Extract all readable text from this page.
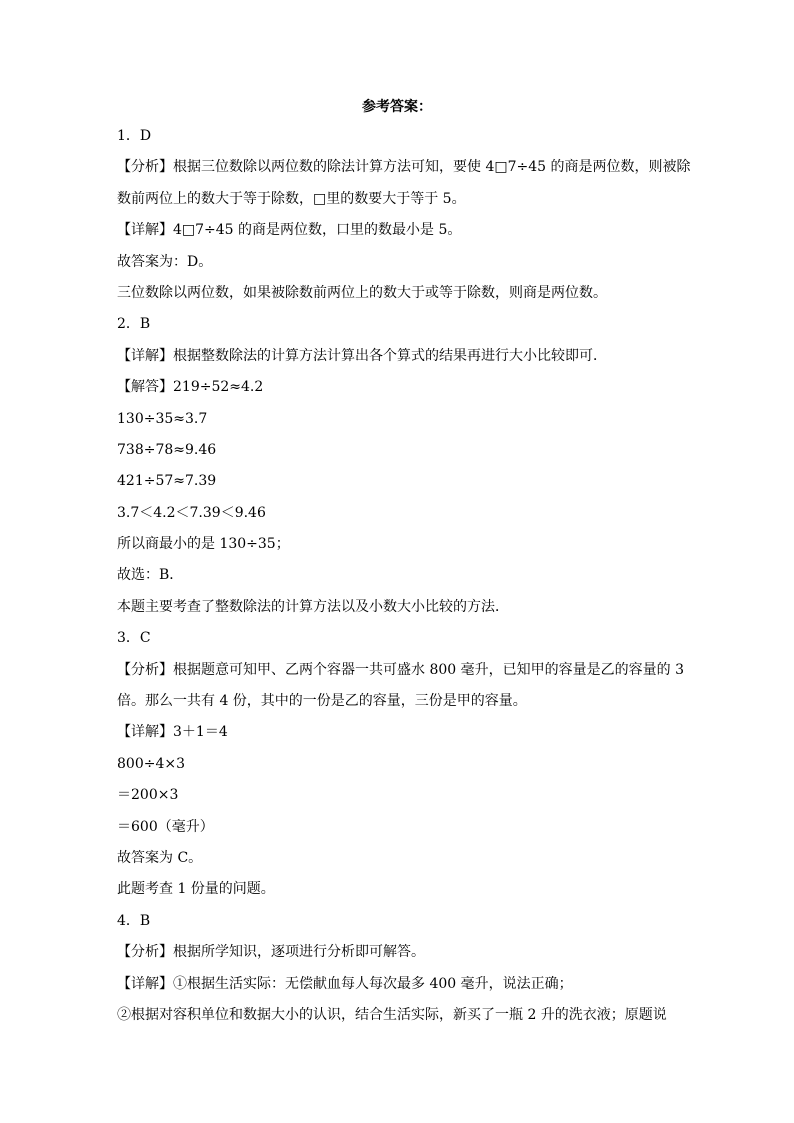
参考答案：
1．D
【分析】根据三位数除以两位数的除法计算方法可知，要使 4□7÷45 的商是两位数，则被除
数前两位上的数大于等于除数，□里的数要大于等于 5。
【详解】4□7÷45 的商是两位数，口里的数最小是 5。
故答案为：D。
三位数除以两位数，如果被除数前两位上的数大于或等于除数，则商是两位数。
2．B
【详解】根据整数除法的计算方法计算出各个算式的结果再进行大小比较即可．
【解答】219÷52≈4.2
130÷35≈3.7
738÷78≈9.46
421÷57≈7.39
3.7＜4.2＜7.39＜9.46
所以商最小的是 130÷35；
故选：B．
本题主要考查了整数除法的计算方法以及小数大小比较的方法．
3．C
【分析】根据题意可知甲、乙两个容器一共可盛水 800 毫升，已知甲的容量是乙的容量的 3
倍。那么一共有 4 份，其中的一份是乙的容量，三份是甲的容量。
【详解】3＋1＝4
800÷4×3
＝200×3
＝600（毫升）
故答案为 C。
此题考查 1 份量的问题。
4．B
【分析】根据所学知识，逐项进行分析即可解答。
【详解】①根据生活实际：无偿献血每人每次最多 400 毫升，说法正确；
②根据对容积单位和数据大小的认识，结合生活实际，新买了一瓶 2 升的洗衣液；原题说
